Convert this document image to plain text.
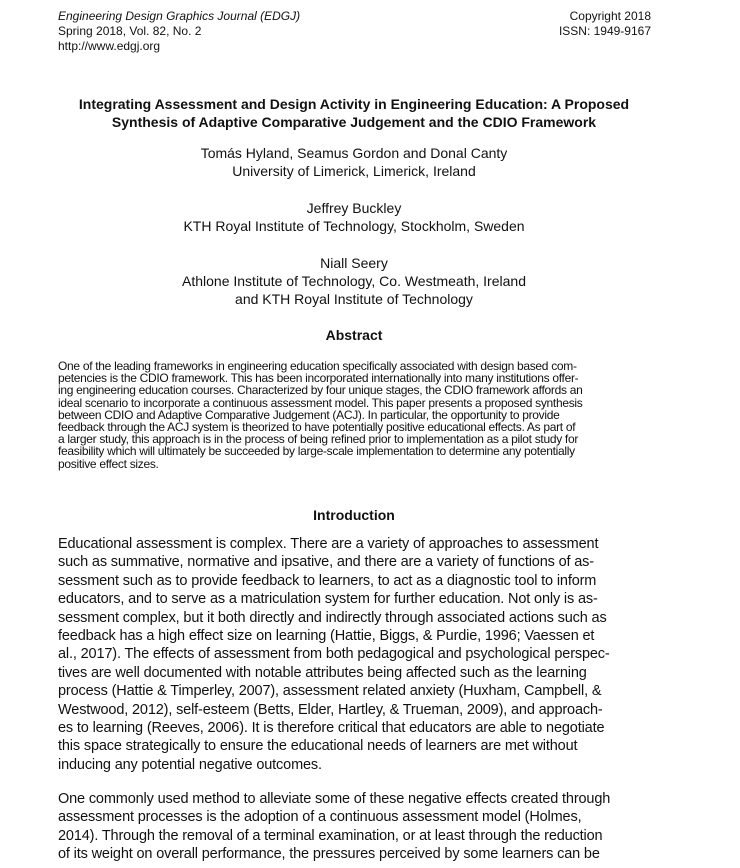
Engineering Design Graphics Journal (EDGJ)
Spring 2018, Vol. 82, No. 2
http://www.edgj.org
Copyright 2018
ISSN: 1949-9167
Integrating Assessment and Design Activity in Engineering Education: A Proposed
Synthesis of Adaptive Comparative Judgement and the CDIO Framework
Tomás Hyland, Seamus Gordon and Donal Canty
University of Limerick, Limerick, Ireland
Jeffrey Buckley
KTH Royal Institute of Technology, Stockholm, Sweden
Niall Seery
Athlone Institute of Technology, Co. Westmeath, Ireland
and KTH Royal Institute of Technology
Abstract
One of the leading frameworks in engineering education specifically associated with design based com-
petencies is the CDIO framework. This has been incorporated internationally into many institutions offer-
ing engineering education courses. Characterized by four unique stages, the CDIO framework affords an
ideal scenario to incorporate a continuous assessment model. This paper presents a proposed synthesis
between CDIO and Adaptive Comparative Judgement (ACJ). In particular, the opportunity to provide
feedback through the ACJ system is theorized to have potentially positive educational effects. As part of
a larger study, this approach is in the process of being refined prior to implementation as a pilot study for
feasibility which will ultimately be succeeded by large-scale implementation to determine any potentially
positive effect sizes.
Introduction
Educational assessment is complex. There are a variety of approaches to assessment
such as summative, normative and ipsative, and there are a variety of functions of as-
sessment such as to provide feedback to learners, to act as a diagnostic tool to inform
educators, and to serve as a matriculation system for further education. Not only is as-
sessment complex, but it both directly and indirectly through associated actions such as
feedback has a high effect size on learning (Hattie, Biggs, & Purdie, 1996; Vaessen et
al., 2017). The effects of assessment from both pedagogical and psychological perspec-
tives are well documented with notable attributes being affected such as the learning
process (Hattie & Timperley, 2007), assessment related anxiety (Huxham, Campbell, &
Westwood, 2012), self-esteem (Betts, Elder, Hartley, & Trueman, 2009), and approach-
es to learning (Reeves, 2006). It is therefore critical that educators are able to negotiate
this space strategically to ensure the educational needs of learners are met without
inducing any potential negative outcomes.
One commonly used method to alleviate some of these negative effects created through
assessment processes is the adoption of a continuous assessment model (Holmes,
2014). Through the removal of a terminal examination, or at least through the reduction
of its weight on overall performance, the pressures perceived by some learners can be
